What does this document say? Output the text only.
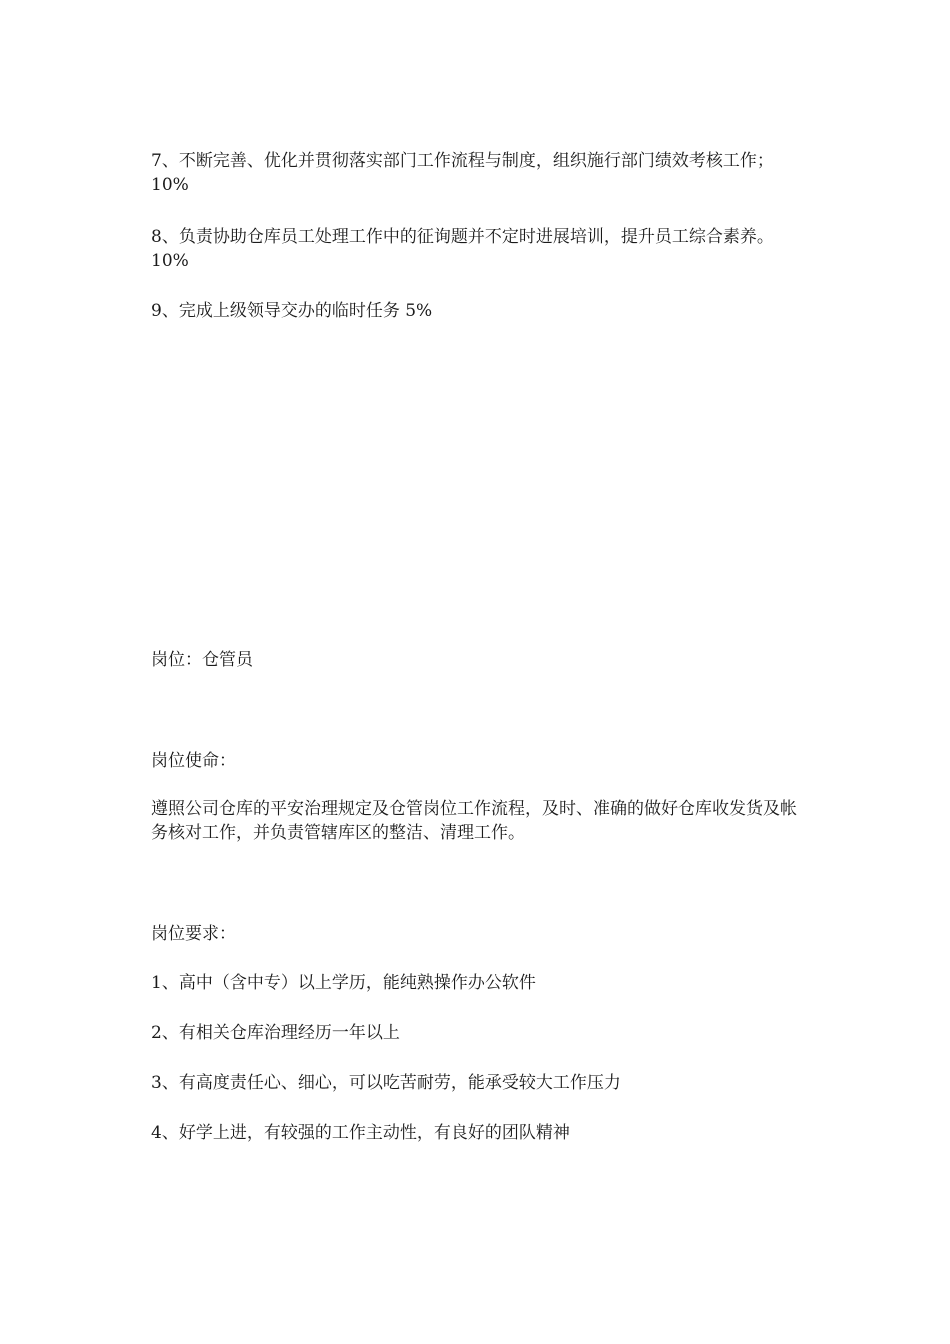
7、不断完善、优化并贯彻落实部门工作流程与制度，组织施行部门绩效考核工作； 10%

8、负责协助仓库员工处理工作中的征询题并不定时进展培训，提升员工综合素养。 10%

9、完成上级领导交办的临时任务 5%

岗位：仓管员

岗位使命：

遵照公司仓库的平安治理规定及仓管岗位工作流程，及时、准确的做好仓库收发货及帐务核对工作，并负责管辖库区的整洁、清理工作。

岗位要求：

1、高中（含中专）以上学历，能纯熟操作办公软件

2、有相关仓库治理经历一年以上

3、有高度责任心、细心，可以吃苦耐劳，能承受较大工作压力

4、好学上进，有较强的工作主动性，有良好的团队精神
